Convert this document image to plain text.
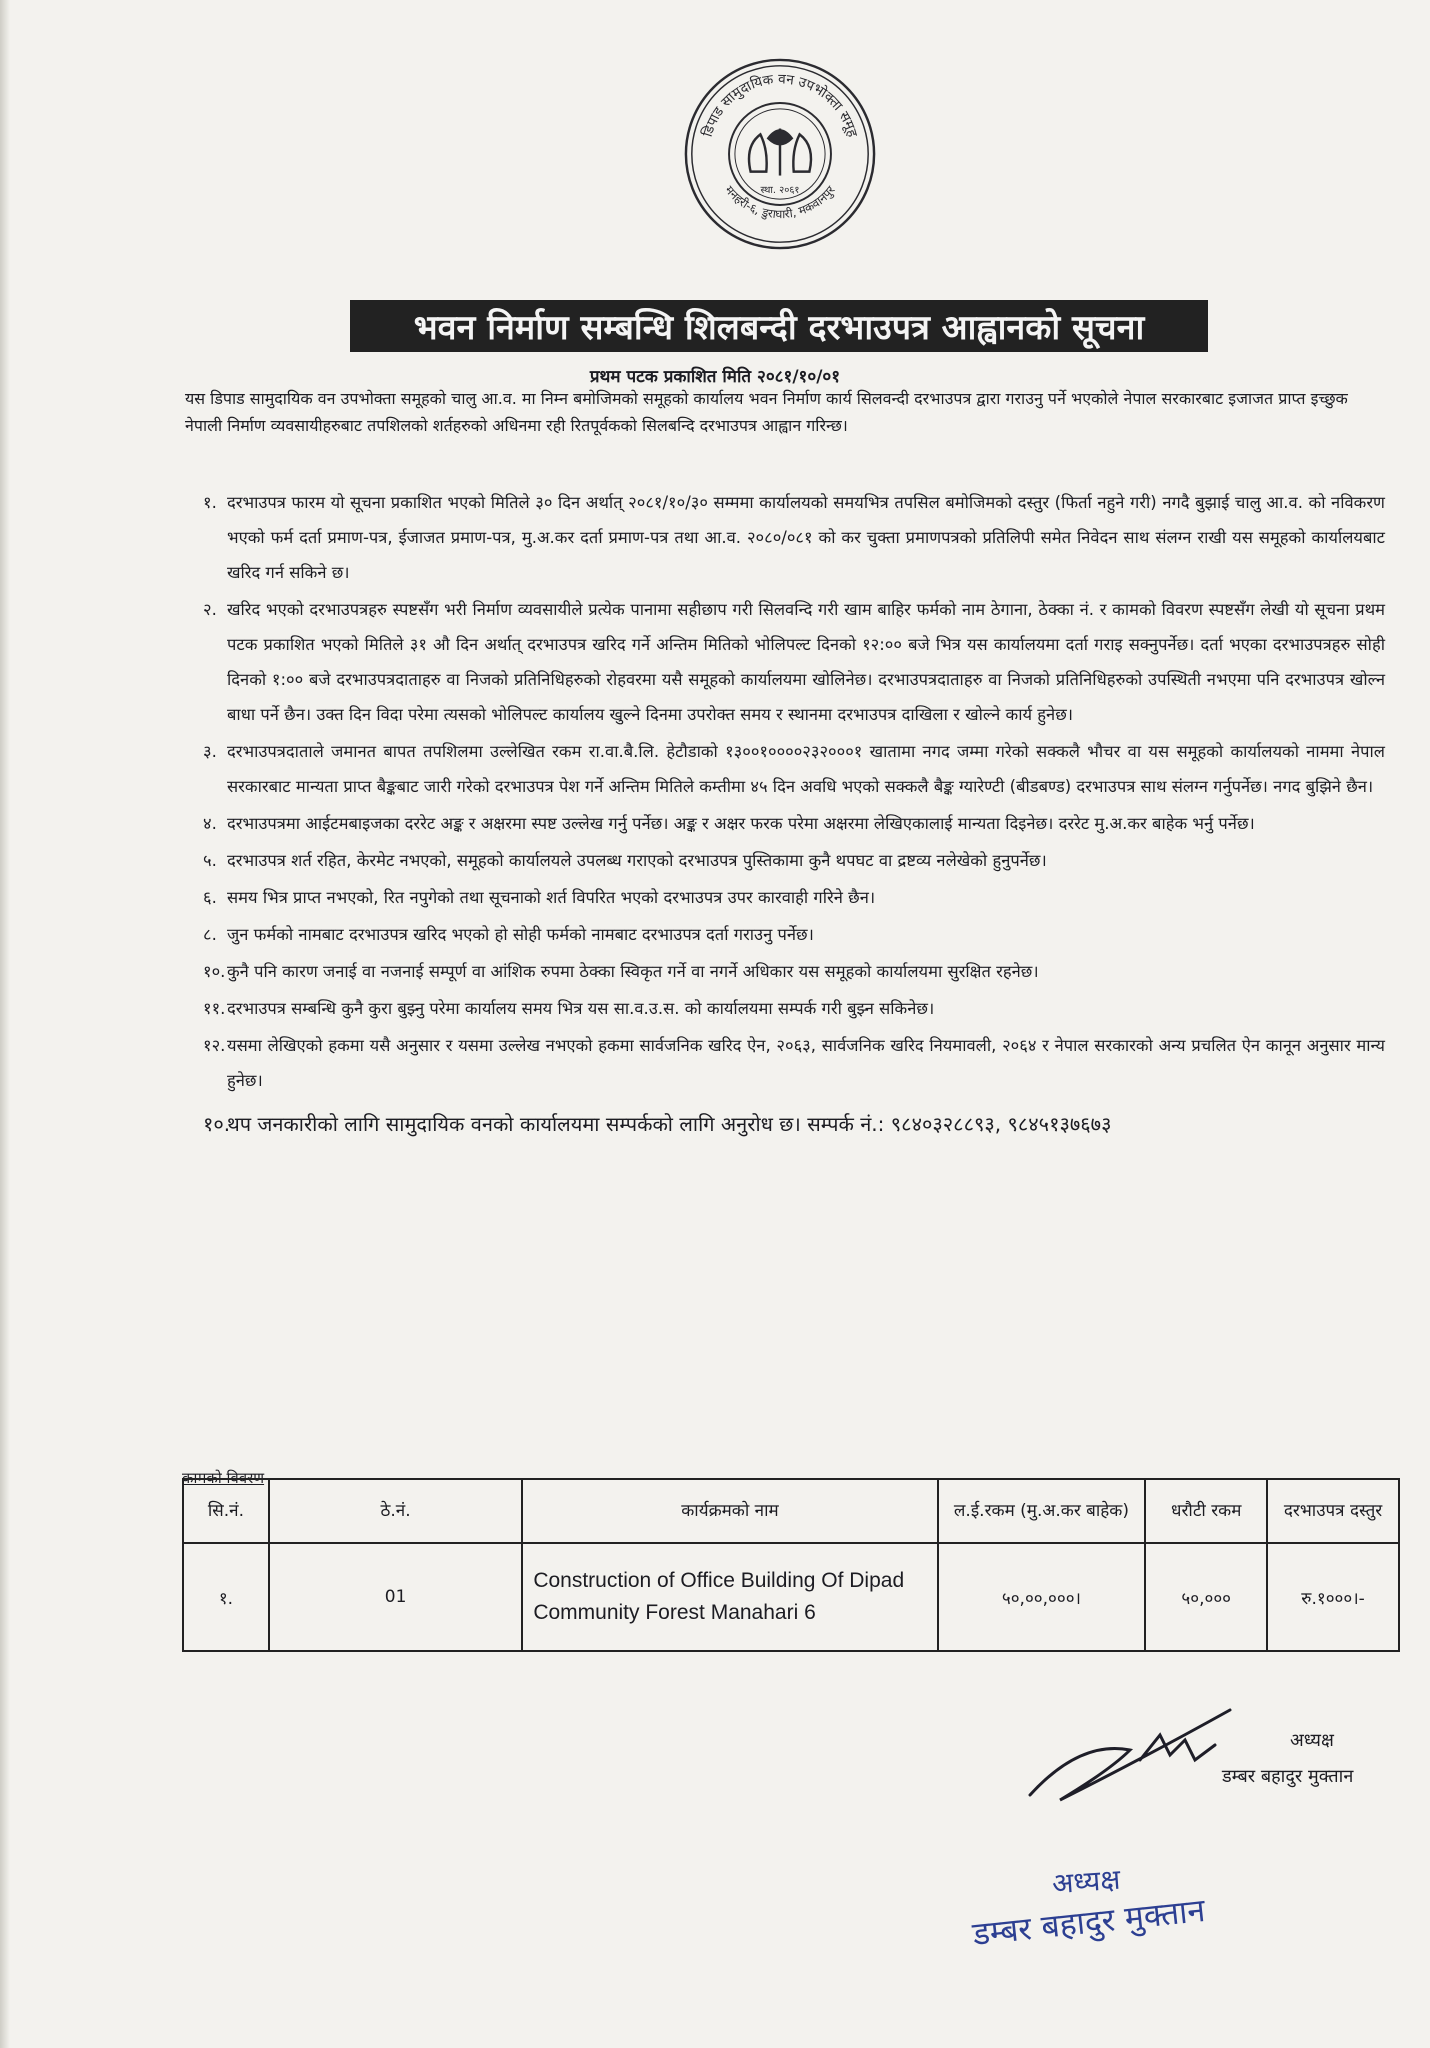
डिपाड सामुदायिक वन उपभोक्ता समूह
मनहरी-६, डुराघारी, मकवानपुर
स्था. २०६१
भवन निर्माण सम्बन्धि शिलबन्दी दरभाउपत्र आह्वानको सूचना
प्रथम पटक प्रकाशित मिति २०८१/१०/०१
यस डिपाड सामुदायिक वन उपभोक्ता समूहको चालु आ.व. मा निम्न बमोजिमको समूहको कार्यालय भवन निर्माण कार्य सिलवन्दी दरभाउपत्र द्वारा गराउनु पर्ने भएकोले नेपाल सरकारबाट इजाजत प्राप्त इच्छुक नेपाली निर्माण व्यवसायीहरुबाट तपशिलको शर्तहरुको अधिनमा रही रितपूर्वकको सिलबन्दि दरभाउपत्र आह्वान गरिन्छ।
१. दरभाउपत्र फारम यो सूचना प्रकाशित भएको मितिले ३० दिन अर्थात् २०८१/१०/३० सम्ममा कार्यालयको समयभित्र तपसिल बमोजिमको दस्तुर (फिर्ता नहुने गरी) नगदै बुझाई चालु आ.व. को नविकरण भएको फर्म दर्ता प्रमाण-पत्र, ईजाजत प्रमाण-पत्र, मु.अ.कर दर्ता प्रमाण-पत्र तथा आ.व. २०८०/०८१ को कर चुक्ता प्रमाणपत्रको प्रतिलिपी समेत निवेदन साथ संलग्न राखी यस समूहको कार्यालयबाट खरिद गर्न सकिने छ।
२. खरिद भएको दरभाउपत्रहरु स्पष्टसँग भरी निर्माण व्यवसायीले प्रत्येक पानामा सहीछाप गरी सिलवन्दि गरी खाम बाहिर फर्मको नाम ठेगाना, ठेक्का नं. र कामको विवरण स्पष्टसँग लेखी यो सूचना प्रथम पटक प्रकाशित भएको मितिले ३१ औ दिन अर्थात् दरभाउपत्र खरिद गर्ने अन्तिम मितिको भोलिपल्ट दिनको १२:०० बजे भित्र यस कार्यालयमा दर्ता गराइ सक्नुपर्नेछ। दर्ता भएका दरभाउपत्रहरु सोही दिनको १:०० बजे दरभाउपत्रदाताहरु वा निजको प्रतिनिधिहरुको रोहवरमा यसै समूहको कार्यालयमा खोलिनेछ। दरभाउपत्रदाताहरु वा निजको प्रतिनिधिहरुको उपस्थिती नभएमा पनि दरभाउपत्र खोल्न बाधा पर्ने छैन। उक्त दिन विदा परेमा त्यसको भोलिपल्ट कार्यालय खुल्ने दिनमा उपरोक्त समय र स्थानमा दरभाउपत्र दाखिला र खोल्ने कार्य हुनेछ।
३. दरभाउपत्रदाताले जमानत बापत तपशिलमा उल्लेखित रकम रा.वा.बै.लि. हेटौडाको १३००१००००२३२०००१ खातामा नगद जम्मा गरेको सक्कलै भौचर वा यस समूहको कार्यालयको नाममा नेपाल सरकारबाट मान्यता प्राप्त बैङ्कबाट जारी गरेको दरभाउपत्र पेश गर्ने अन्तिम मितिले कम्तीमा ४५ दिन अवधि भएको सक्कलै बैङ्क ग्यारेण्टी (बीडबण्ड) दरभाउपत्र साथ संलग्न गर्नुपर्नेछ। नगद बुझिने छैन।
४. दरभाउपत्रमा आईटमबाइजका दररेट अङ्क र अक्षरमा स्पष्ट उल्लेख गर्नु पर्नेछ। अङ्क र अक्षर फरक परेमा अक्षरमा लेखिएकालाई मान्यता दिइनेछ। दररेट मु.अ.कर बाहेक भर्नु पर्नेछ।
५. दरभाउपत्र शर्त रहित, केरमेट नभएको, समूहको कार्यालयले उपलब्ध गराएको दरभाउपत्र पुस्तिकामा कुनै थपघट वा द्रष्टव्य नलेखेको हुनुपर्नेछ।
६. समय भित्र प्राप्त नभएको, रित नपुगेको तथा सूचनाको शर्त विपरित भएको दरभाउपत्र उपर कारवाही गरिने छैन।
८. जुन फर्मको नामबाट दरभाउपत्र खरिद भएको हो सोही फर्मको नामबाट दरभाउपत्र दर्ता गराउनु पर्नेछ।
१०. कुनै पनि कारण जनाई वा नजनाई सम्पूर्ण वा आंशिक रुपमा ठेक्का स्विकृत गर्ने वा नगर्ने अधिकार यस समूहको कार्यालयमा सुरक्षित रहनेछ।
११. दरभाउपत्र सम्बन्धि कुनै कुरा बुझ्नु परेमा कार्यालय समय भित्र यस सा.व.उ.स. को कार्यालयमा सम्पर्क गरी बुझ्न सकिनेछ।
१२. यसमा लेखिएको हकमा यसै अनुसार र यसमा उल्लेख नभएको हकमा सार्वजनिक खरिद ऐन, २०६३, सार्वजनिक खरिद नियमावली, २०६४ र नेपाल सरकारको अन्य प्रचलित ऐन कानून अनुसार मान्य हुनेछ।
१०.
थप जनकारीको लागि सामुदायिक वनको कार्यालयमा सम्पर्कको लागि अनुरोध छ। सम्पर्क नं.: ९८४०३२८८९३, ९८४५१३७६७३
कामको विवरण
सि.नं.	ठे.नं.	कार्यक्रमको नाम	ल.ई.रकम (मु.अ.कर बाहेक)	धरौटी रकम	दरभाउपत्र दस्तुर
१.	01	Construction of Office Building Of Dipad Community Forest Manahari 6	५०,००,०००।	५०,०००	रु.१०००।-
Sign
अध्यक्ष
डम्बर बहादुर मुक्तान
अध्यक्ष
डम्बर बहादुर मुक्तान
